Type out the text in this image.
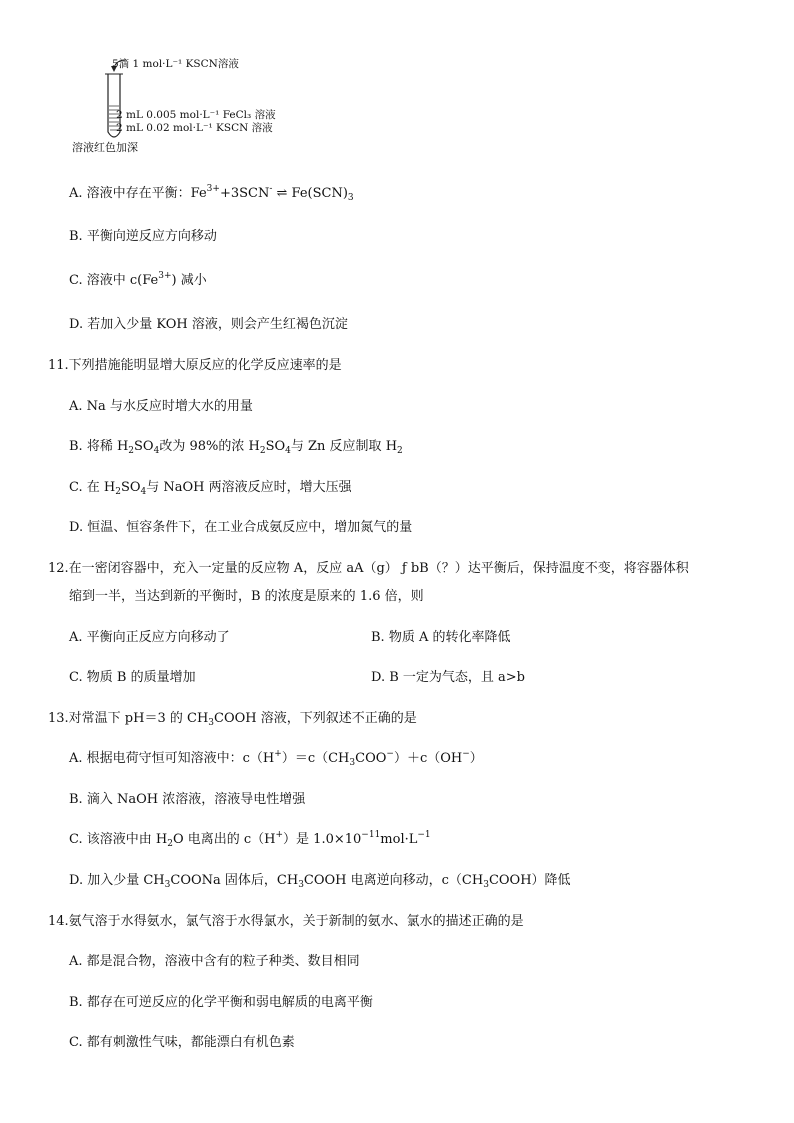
5滴 1 mol·L⁻¹ KSCN溶液
2 mL 0.005 mol·L⁻¹ FeCl₃ 溶液
2 mL 0.02 mol·L⁻¹ KSCN 溶液
溶液红色加深
A. 溶液中存在平衡：$Fe^{3+}+3SCN^-$ ⇌ $Fe(SCN)_3$
B. 平衡向逆反应方向移动
C. 溶液中 $c(Fe^{3+})$ 减小
D. 若加入少量 KOH 溶液，则会产生红褐色沉淀
11.下列措施能明显增大原反应的化学反应速率的是
A. Na 与水反应时增大水的用量
B. 将稀 $H_2SO_4$改为 98%的浓 $H_2SO_4$与 Zn 反应制取 $H_2$
C. 在 $H_2SO_4$与 NaOH 两溶液反应时，增大压强
D. 恒温、恒容条件下，在工业合成氨反应中，增加氮气的量
12.在一密闭容器中，充入一定量的反应物 A，反应 aA（g） ƒ bB（？）达平衡后，保持温度不变，将容器体积
缩到一半，当达到新的平衡时，B 的浓度是原来的 1.6 倍，则
A. 平衡向正反应方向移动了	B. 物质 A 的转化率降低
C. 物质 B 的质量增加	D. B 一定为气态，且 a>b
13.对常温下 pH＝3 的 $CH_3COOH$ 溶液，下列叙述不正确的是
A. 根据电荷守恒可知溶液中：$c(H^+)=c(CH_3COO^-)+c(OH^-)$
B. 滴入 NaOH 浓溶液，溶液导电性增强
C. 该溶液中由 $H_2O$ 电离出的 c（H+）是 $1.0\times 10^{-11}mol\cdot L^{-1}$
D. 加入少量 $CH_3COONa$ 固体后，$CH_3COOH$ 电离逆向移动，$c(CH_3COOH)$降低
14.氨气溶于水得氨水，氯气溶于水得氯水，关于新制的氨水、氯水的描述正确的是
A. 都是混合物，溶液中含有的粒子种类、数目相同
B. 都存在可逆反应的化学平衡和弱电解质的电离平衡
C. 都有刺激性气味，都能漂白有机色素
